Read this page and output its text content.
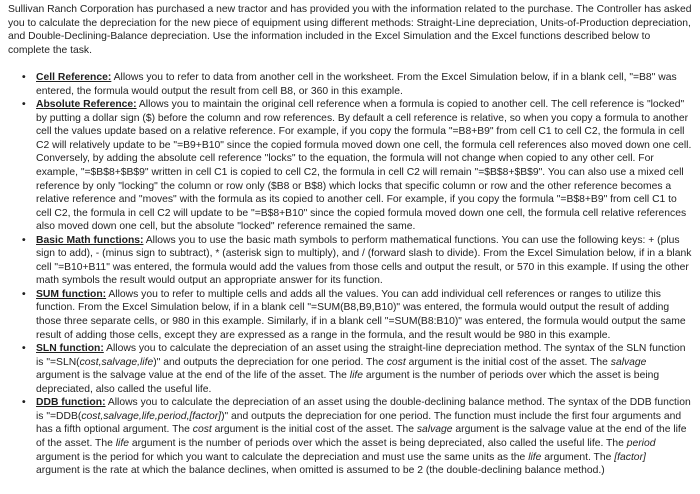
Sullivan Ranch Corporation has purchased a new tractor and has provided you with the information related to the purchase. The Controller has asked you to calculate the depreciation for the new piece of equipment using different methods: Straight-Line depreciation, Units-of-Production depreciation, and Double-Declining-Balance depreciation. Use the information included in the Excel Simulation and the Excel functions described below to complete the task.

• Cell Reference: Allows you to refer to data from another cell in the worksheet. From the Excel Simulation below, if in a blank cell, "=B8" was entered, the formula would output the result from cell B8, or 360 in this example.
• Absolute Reference: Allows you to maintain the original cell reference when a formula is copied to another cell. The cell reference is "locked" by putting a dollar sign ($) before the column and row references. By default a cell reference is relative, so when you copy a formula to another cell the values update based on a relative reference. For example, if you copy the formula "=B8+B9" from cell C1 to cell C2, the formula in cell C2 will relatively update to be "=B9+B10" since the copied formula moved down one cell, the formula cell references also moved down one cell. Conversely, by adding the absolute cell reference "locks" to the equation, the formula will not change when copied to any other cell. For example, "=$B$8+$B$9" written in cell C1 is copied to cell C2, the formula in cell C2 will remain "=$B$8+$B$9". You can also use a mixed cell reference by only "locking" the column or row only ($B8 or B$8) which locks that specific column or row and the other reference becomes a relative reference and "moves" with the formula as its copied to another cell. For example, if you copy the formula "=B$8+B9" from cell C1 to cell C2, the formula in cell C2 will update to be "=B$8+B10" since the copied formula moved down one cell, the formula cell relative references also moved down one cell, but the absolute "locked" reference remained the same.
• Basic Math functions: Allows you to use the basic math symbols to perform mathematical functions. You can use the following keys: + (plus sign to add), - (minus sign to subtract), * (asterisk sign to multiply), and / (forward slash to divide). From the Excel Simulation below, if in a blank cell "=B10+B11" was entered, the formula would add the values from those cells and output the result, or 570 in this example. If using the other math symbols the result would output an appropriate answer for its function.
• SUM function: Allows you to refer to multiple cells and adds all the values. You can add individual cell references or ranges to utilize this function. From the Excel Simulation below, if in a blank cell "=SUM(B8,B9,B10)" was entered, the formula would output the result of adding those three separate cells, or 980 in this example. Similarly, if in a blank cell "=SUM(B8:B10)" was entered, the formula would output the same result of adding those cells, except they are expressed as a range in the formula, and the result would be 980 in this example.
• SLN function: Allows you to calculate the depreciation of an asset using the straight-line depreciation method. The syntax of the SLN function is "=SLN(cost,salvage,life)" and outputs the depreciation for one period. The cost argument is the initial cost of the asset. The salvage argument is the salvage value at the end of the life of the asset. The life argument is the number of periods over which the asset is being depreciated, also called the useful life.
• DDB function: Allows you to calculate the depreciation of an asset using the double-declining balance method. The syntax of the DDB function is "=DDB(cost,salvage,life,period,[factor])" and outputs the depreciation for one period. The function must include the first four arguments and has a fifth optional argument. The cost argument is the initial cost of the asset. The salvage argument is the salvage value at the end of the life of the asset. The life argument is the number of periods over which the asset is being depreciated, also called the useful life. The period argument is the period for which you want to calculate the depreciation and must use the same units as the life argument. The [factor] argument is the rate at which the balance declines, when omitted is assumed to be 2 (the double-declining balance method.)
